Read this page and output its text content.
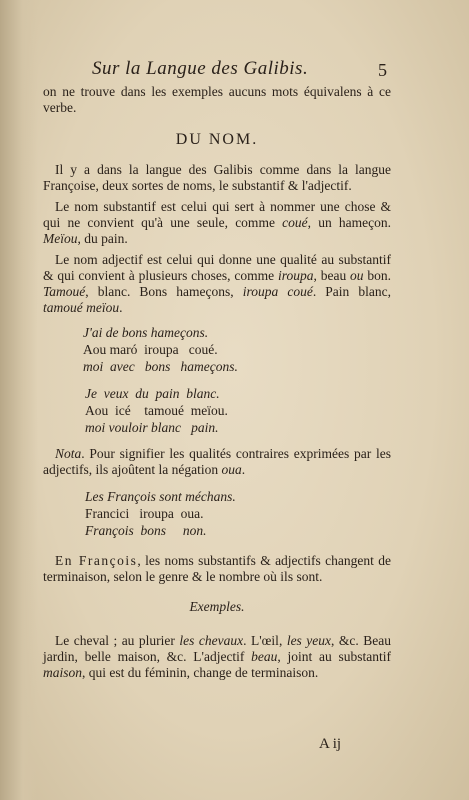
Sur la Langue des Galibis.	5

on ne trouve dans les exemples aucuns mots équivalens à ce verbe.

DU NOM.

Il y a dans la langue des Galibis comme dans la langue Françoise, deux sortes de noms, le substantif & l'adjectif.

Le nom substantif est celui qui sert à nommer une chose & qui ne convient qu'à une seule, comme coué, un hameçon. Meïou, du pain.

Le nom adjectif est celui qui donne une qualité au substantif & qui convient à plusieurs choses, comme iroupa, beau ou bon. Tamoué, blanc. Bons hameçons, iroupa coué. Pain blanc, tamoué meïou.

J'ai de bons hameçons.
Aou maró  iroupa   coué.
moi  avec   bons   hameçons.
Je  veux  du  pain  blanc.
Aou  icé    tamoué  meïou.
moi vouloir blanc   pain.

Nota. Pour signifier les qualités contraires exprimées par les adjectifs, ils ajoûtent la négation oua.

Les François sont méchans.
Francici   iroupa  oua.
François  bons     non.

En François, les noms substantifs & adjectifs changent de terminaison, selon le genre & le nombre où ils sont.

Exemples.

Le cheval ; au plurier les chevaux. L'œil, les yeux, &c. Beau jardin, belle maison, &c. L'adjectif beau, joint au substantif maison, qui est du féminin, change de terminaison.

A ij
